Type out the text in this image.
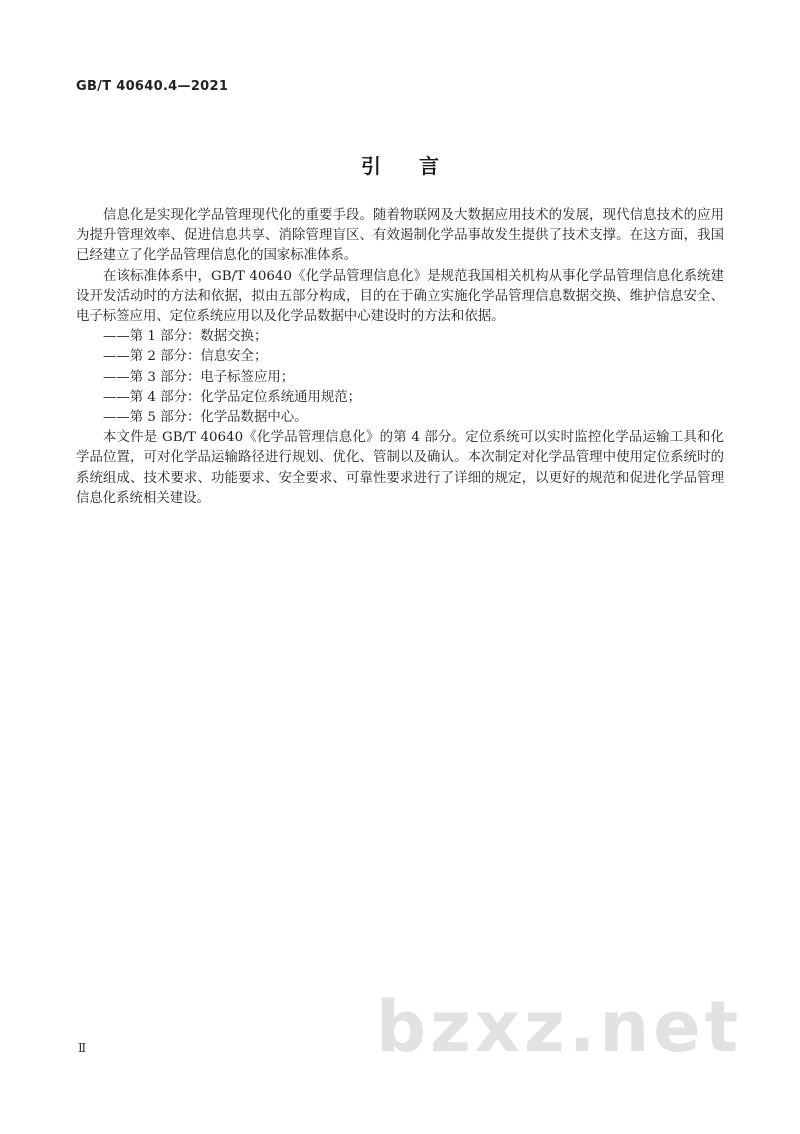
GB/T 40640.4—2021
引言

信息化是实现化学品管理现代化的重要手段。随着物联网及大数据应用技术的发展，现代信息技术的应用为提升管理效率、促进信息共享、消除管理盲区、有效遏制化学品事故发生提供了技术支撑。在这方面，我国已经建立了化学品管理信息化的国家标准体系。

在该标准体系中，GB/T 40640《化学品管理信息化》是规范我国相关机构从事化学品管理信息化系统建设开发活动时的方法和依据，拟由五部分构成，目的在于确立实施化学品管理信息数据交换、维护信息安全、电子标签应用、定位系统应用以及化学品数据中心建设时的方法和依据。

——第 1 部分：数据交换；

——第 2 部分：信息安全；

——第 3 部分：电子标签应用；

——第 4 部分：化学品定位系统通用规范；

——第 5 部分：化学品数据中心。

本文件是 GB/T 40640《化学品管理信息化》的第 4 部分。定位系统可以实时监控化学品运输工具和化学品位置，可对化学品运输路径进行规划、优化、管制以及确认。本次制定对化学品管理中使用定位系统时的系统组成、技术要求、功能要求、安全要求、可靠性要求进行了详细的规定，以更好的规范和促进化学品管理信息化系统相关建设。

Ⅱ	bzxz.net
